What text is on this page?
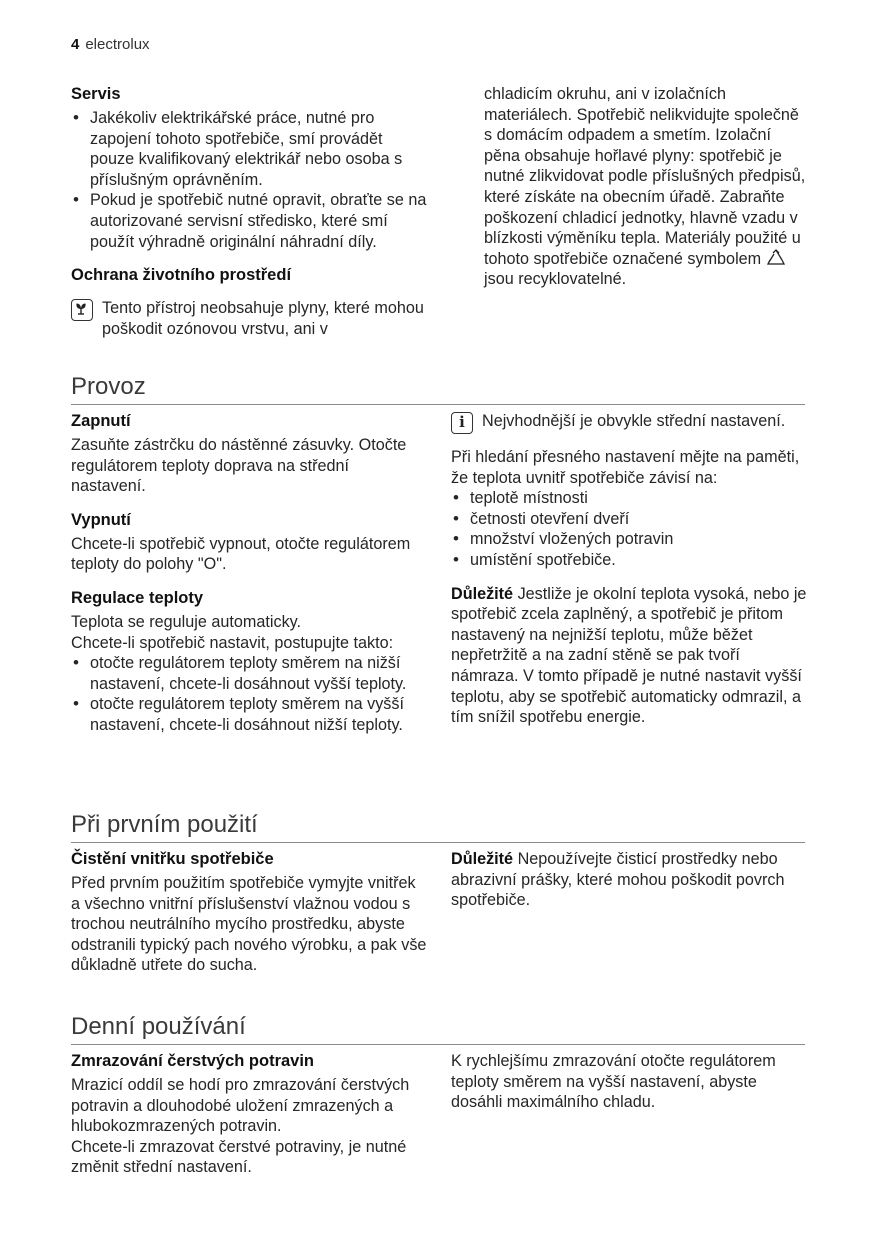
4 electrolux
Servis
• Jakékoliv elektrikářské práce, nutné pro zapojení tohoto spotřebiče, smí provádět pouze kvalifikovaný elektrikář nebo osoba s příslušným oprávněním.
• Pokud je spotřebič nutné opravit, obraťte se na autorizované servisní středisko, které smí použít výhradně originální náhradní díly.
Ochrana životního prostředí

Tento přístroj neobsahuje plyny, které mohou poškodit ozónovou vrstvu, ani v

chladicím okruhu, ani v izolačních materiálech. Spotřebič nelikvidujte společně s domácím odpadem a smetím. Izolační pěna obsahuje hořlavé plyny: spotřebič je nutné zlikvidovat podle příslušných předpisů, které získáte na obecním úřadě. Zabraňte poškození chladicí jednotky, hlavně vzadu v blízkosti výměníku tepla. Materiály použité u tohoto spotřebiče označené symbolem  jsou recyklovatelné.

Provoz
Zapnutí

Zasuňte zástrčku do nástěnné zásuvky. Otočte regulátorem teploty doprava na střední nastavení.

Vypnutí

Chcete-li spotřebič vypnout, otočte regulátorem teploty do polohy "O".

Regulace teploty

Teplota se reguluje automaticky.

Chcete-li spotřebič nastavit, postupujte takto:

• otočte regulátorem teploty směrem na nižší nastavení, chcete-li dosáhnout vyšší teploty.
• otočte regulátorem teploty směrem na vyšší nastavení, chcete-li dosáhnout nižší teploty.
i	Nejvhodnější je obvykle střední nastavení.

Při hledání přesného nastavení mějte na paměti, že teplota uvnitř spotřebiče závisí na:

• teplotě místnosti
• četnosti otevření dveří
• množství vložených potravin
• umístění spotřebiče.

Důležité Jestliže je okolní teplota vysoká, nebo je spotřebič zcela zaplněný, a spotřebič je přitom nastavený na nejnižší teplotu, může běžet nepřetržitě a na zadní stěně se pak tvoří námraza. V tomto případě je nutné nastavit vyšší teplotu, aby se spotřebič automaticky odmrazil, a tím snížil spotřebu energie.

Při prvním použití
Čistění vnitřku spotřebiče

Před prvním použitím spotřebiče vymyjte vnitřek a všechno vnitřní příslušenství vlažnou vodou s trochou neutrálního mycího prostředku, abyste odstranili typický pach nového výrobku, a pak vše důkladně utřete do sucha.

Důležité Nepoužívejte čisticí prostředky nebo abrazivní prášky, které mohou poškodit povrch spotřebiče.

Denní používání
Zmrazování čerstvých potravin

Mrazicí oddíl se hodí pro zmrazování čerstvých potravin a dlouhodobé uložení zmrazených a hlubokozmrazených potravin.

Chcete-li zmrazovat čerstvé potraviny, je nutné změnit střední nastavení.

K rychlejšímu zmrazování otočte regulátorem teploty směrem na vyšší nastavení, abyste dosáhli maximálního chladu.
